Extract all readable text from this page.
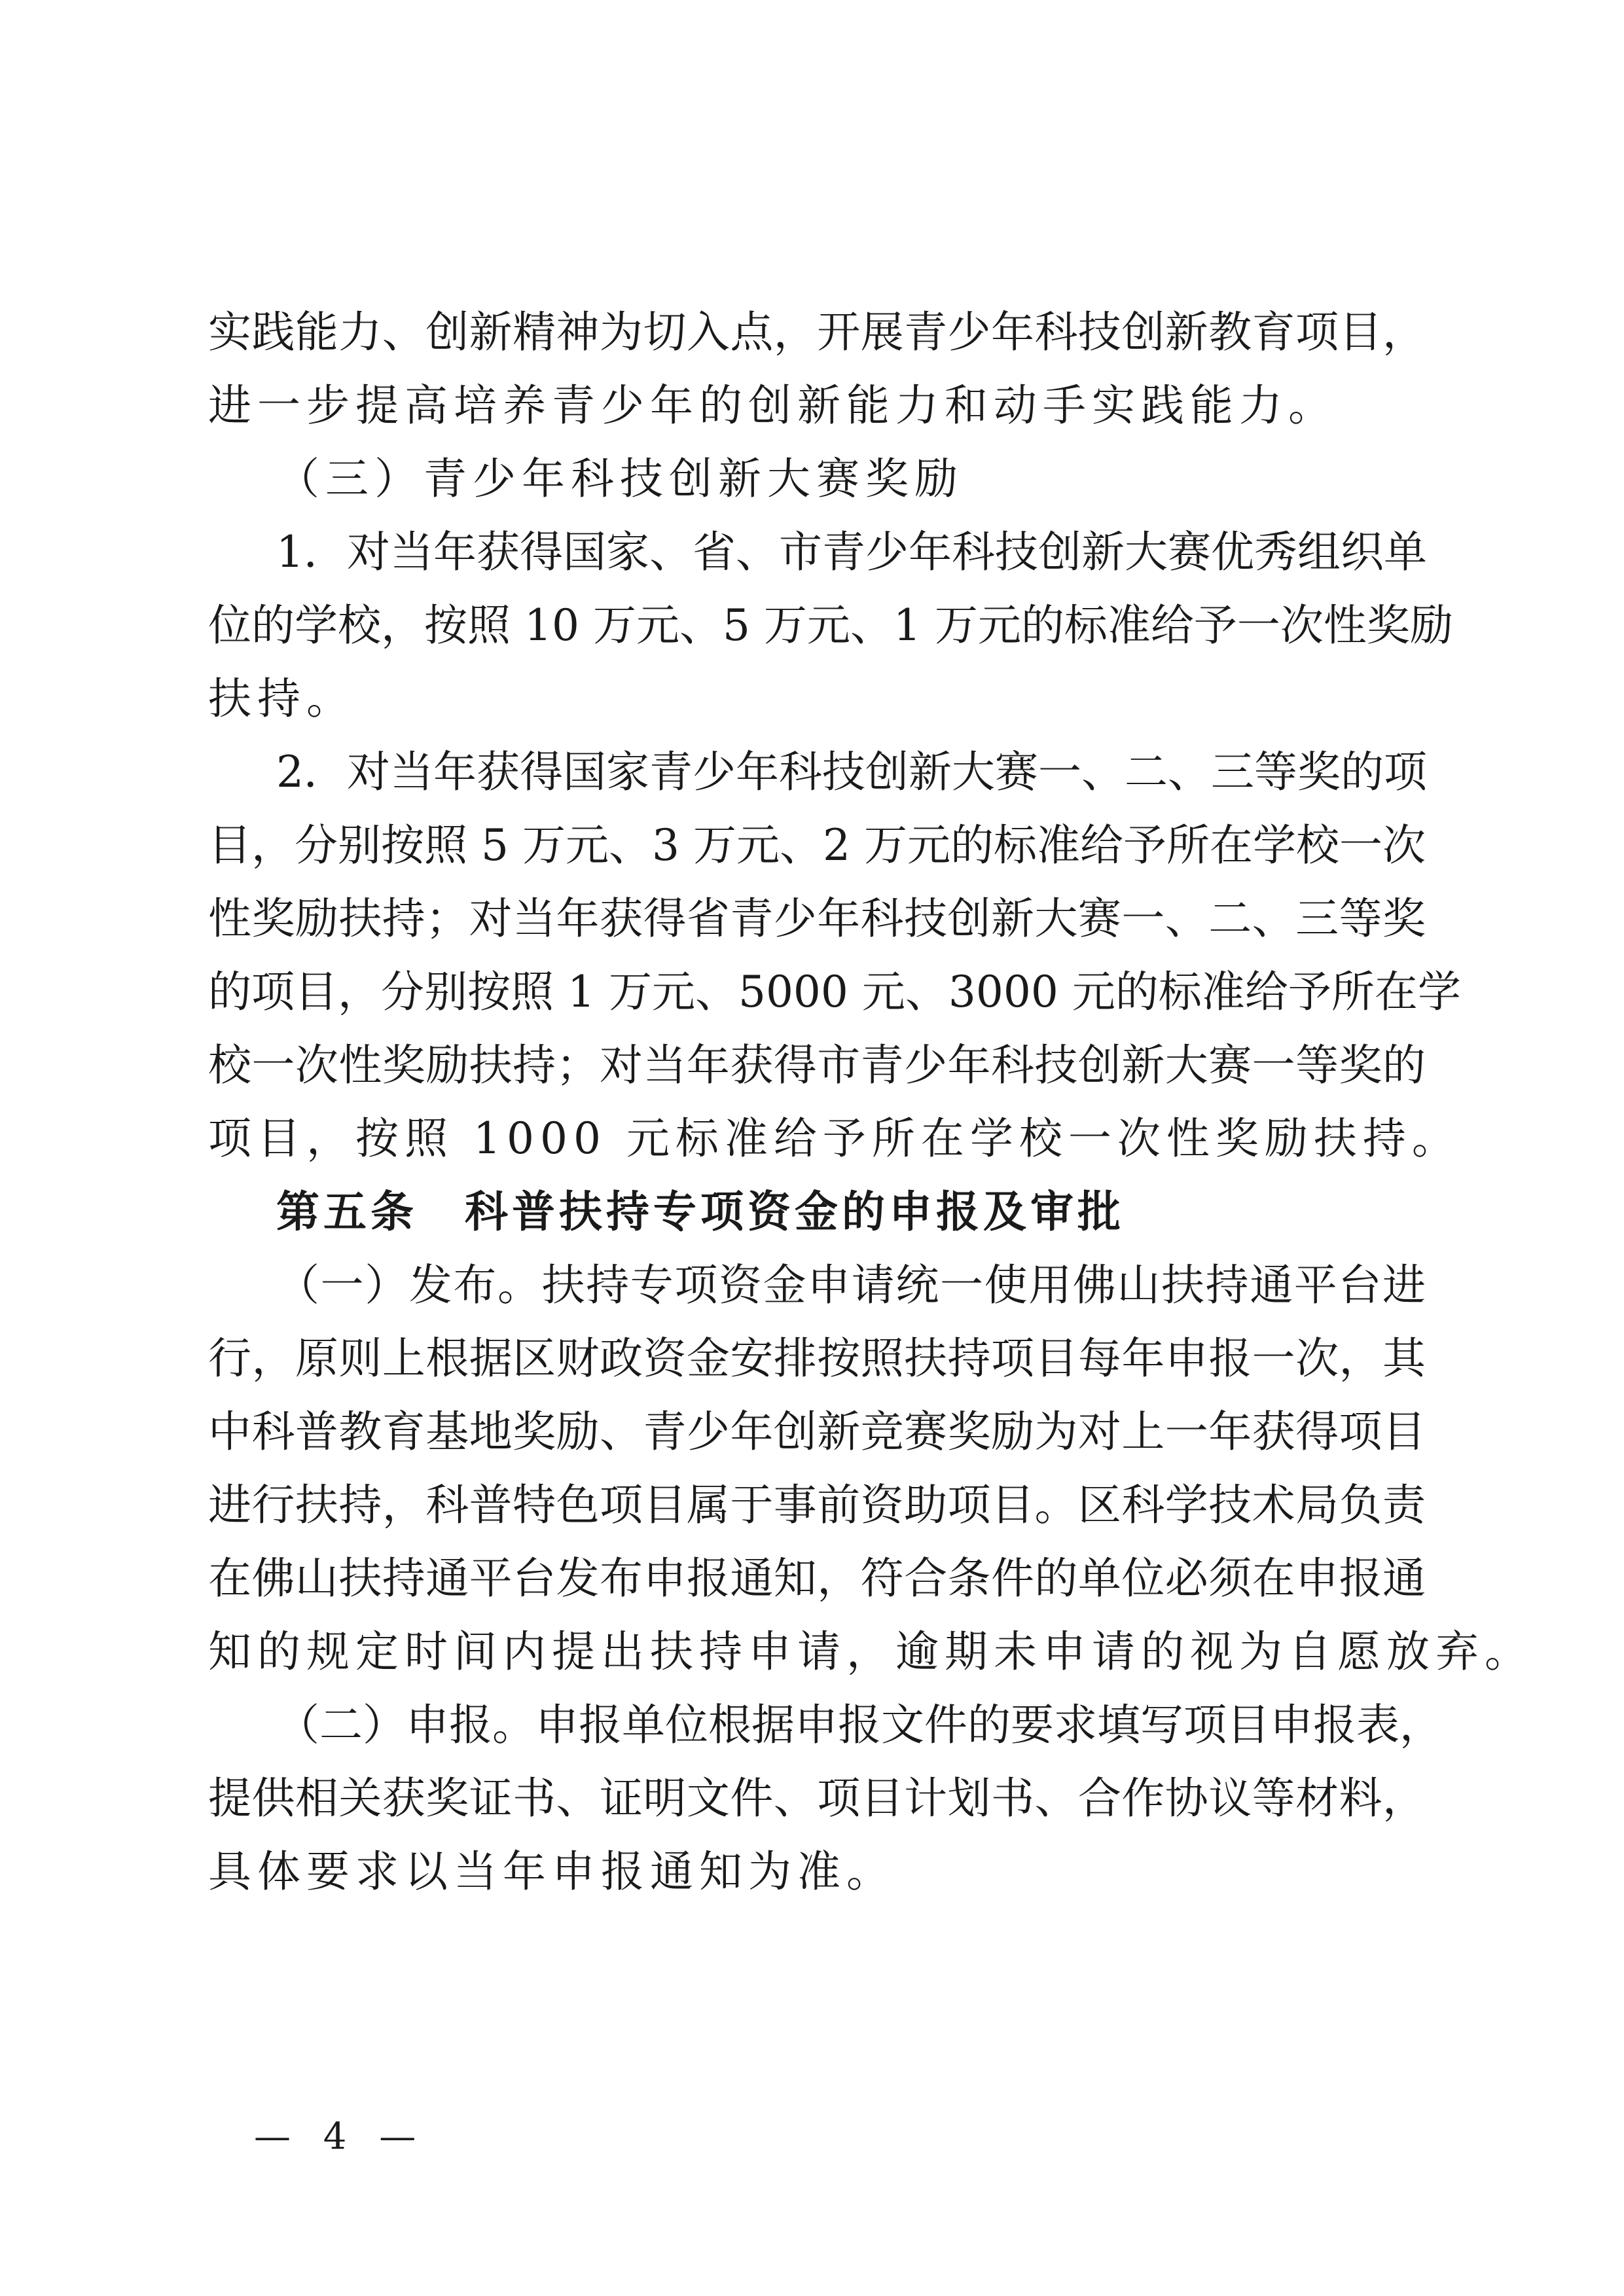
实践能力、创新精神为切入点，开展青少年科技创新教育项目，
进一步提高培养青少年的创新能力和动手实践能力。
（三）青少年科技创新大赛奖励
1．对当年获得国家、省、市青少年科技创新大赛优秀组织单
位的学校，按照 10 万元、5 万元、1 万元的标准给予一次性奖励
扶持。
2．对当年获得国家青少年科技创新大赛一、二、三等奖的项
目，分别按照 5 万元、3 万元、2 万元的标准给予所在学校一次
性奖励扶持；对当年获得省青少年科技创新大赛一、二、三等奖
的项目，分别按照 1 万元、5000 元、3000 元的标准给予所在学
校一次性奖励扶持；对当年获得市青少年科技创新大赛一等奖的
项目，按照 1000 元标准给予所在学校一次性奖励扶持。
第五条　科普扶持专项资金的申报及审批
（一）发布。扶持专项资金申请统一使用佛山扶持通平台进
行，原则上根据区财政资金安排按照扶持项目每年申报一次，其
中科普教育基地奖励、青少年创新竞赛奖励为对上一年获得项目
进行扶持，科普特色项目属于事前资助项目。区科学技术局负责
在佛山扶持通平台发布申报通知，符合条件的单位必须在申报通
知的规定时间内提出扶持申请，逾期未申请的视为自愿放弃。
（二）申报。申报单位根据申报文件的要求填写项目申报表，
提供相关获奖证书、证明文件、项目计划书、合作协议等材料，
具体要求以当年申报通知为准。
— 4 —
